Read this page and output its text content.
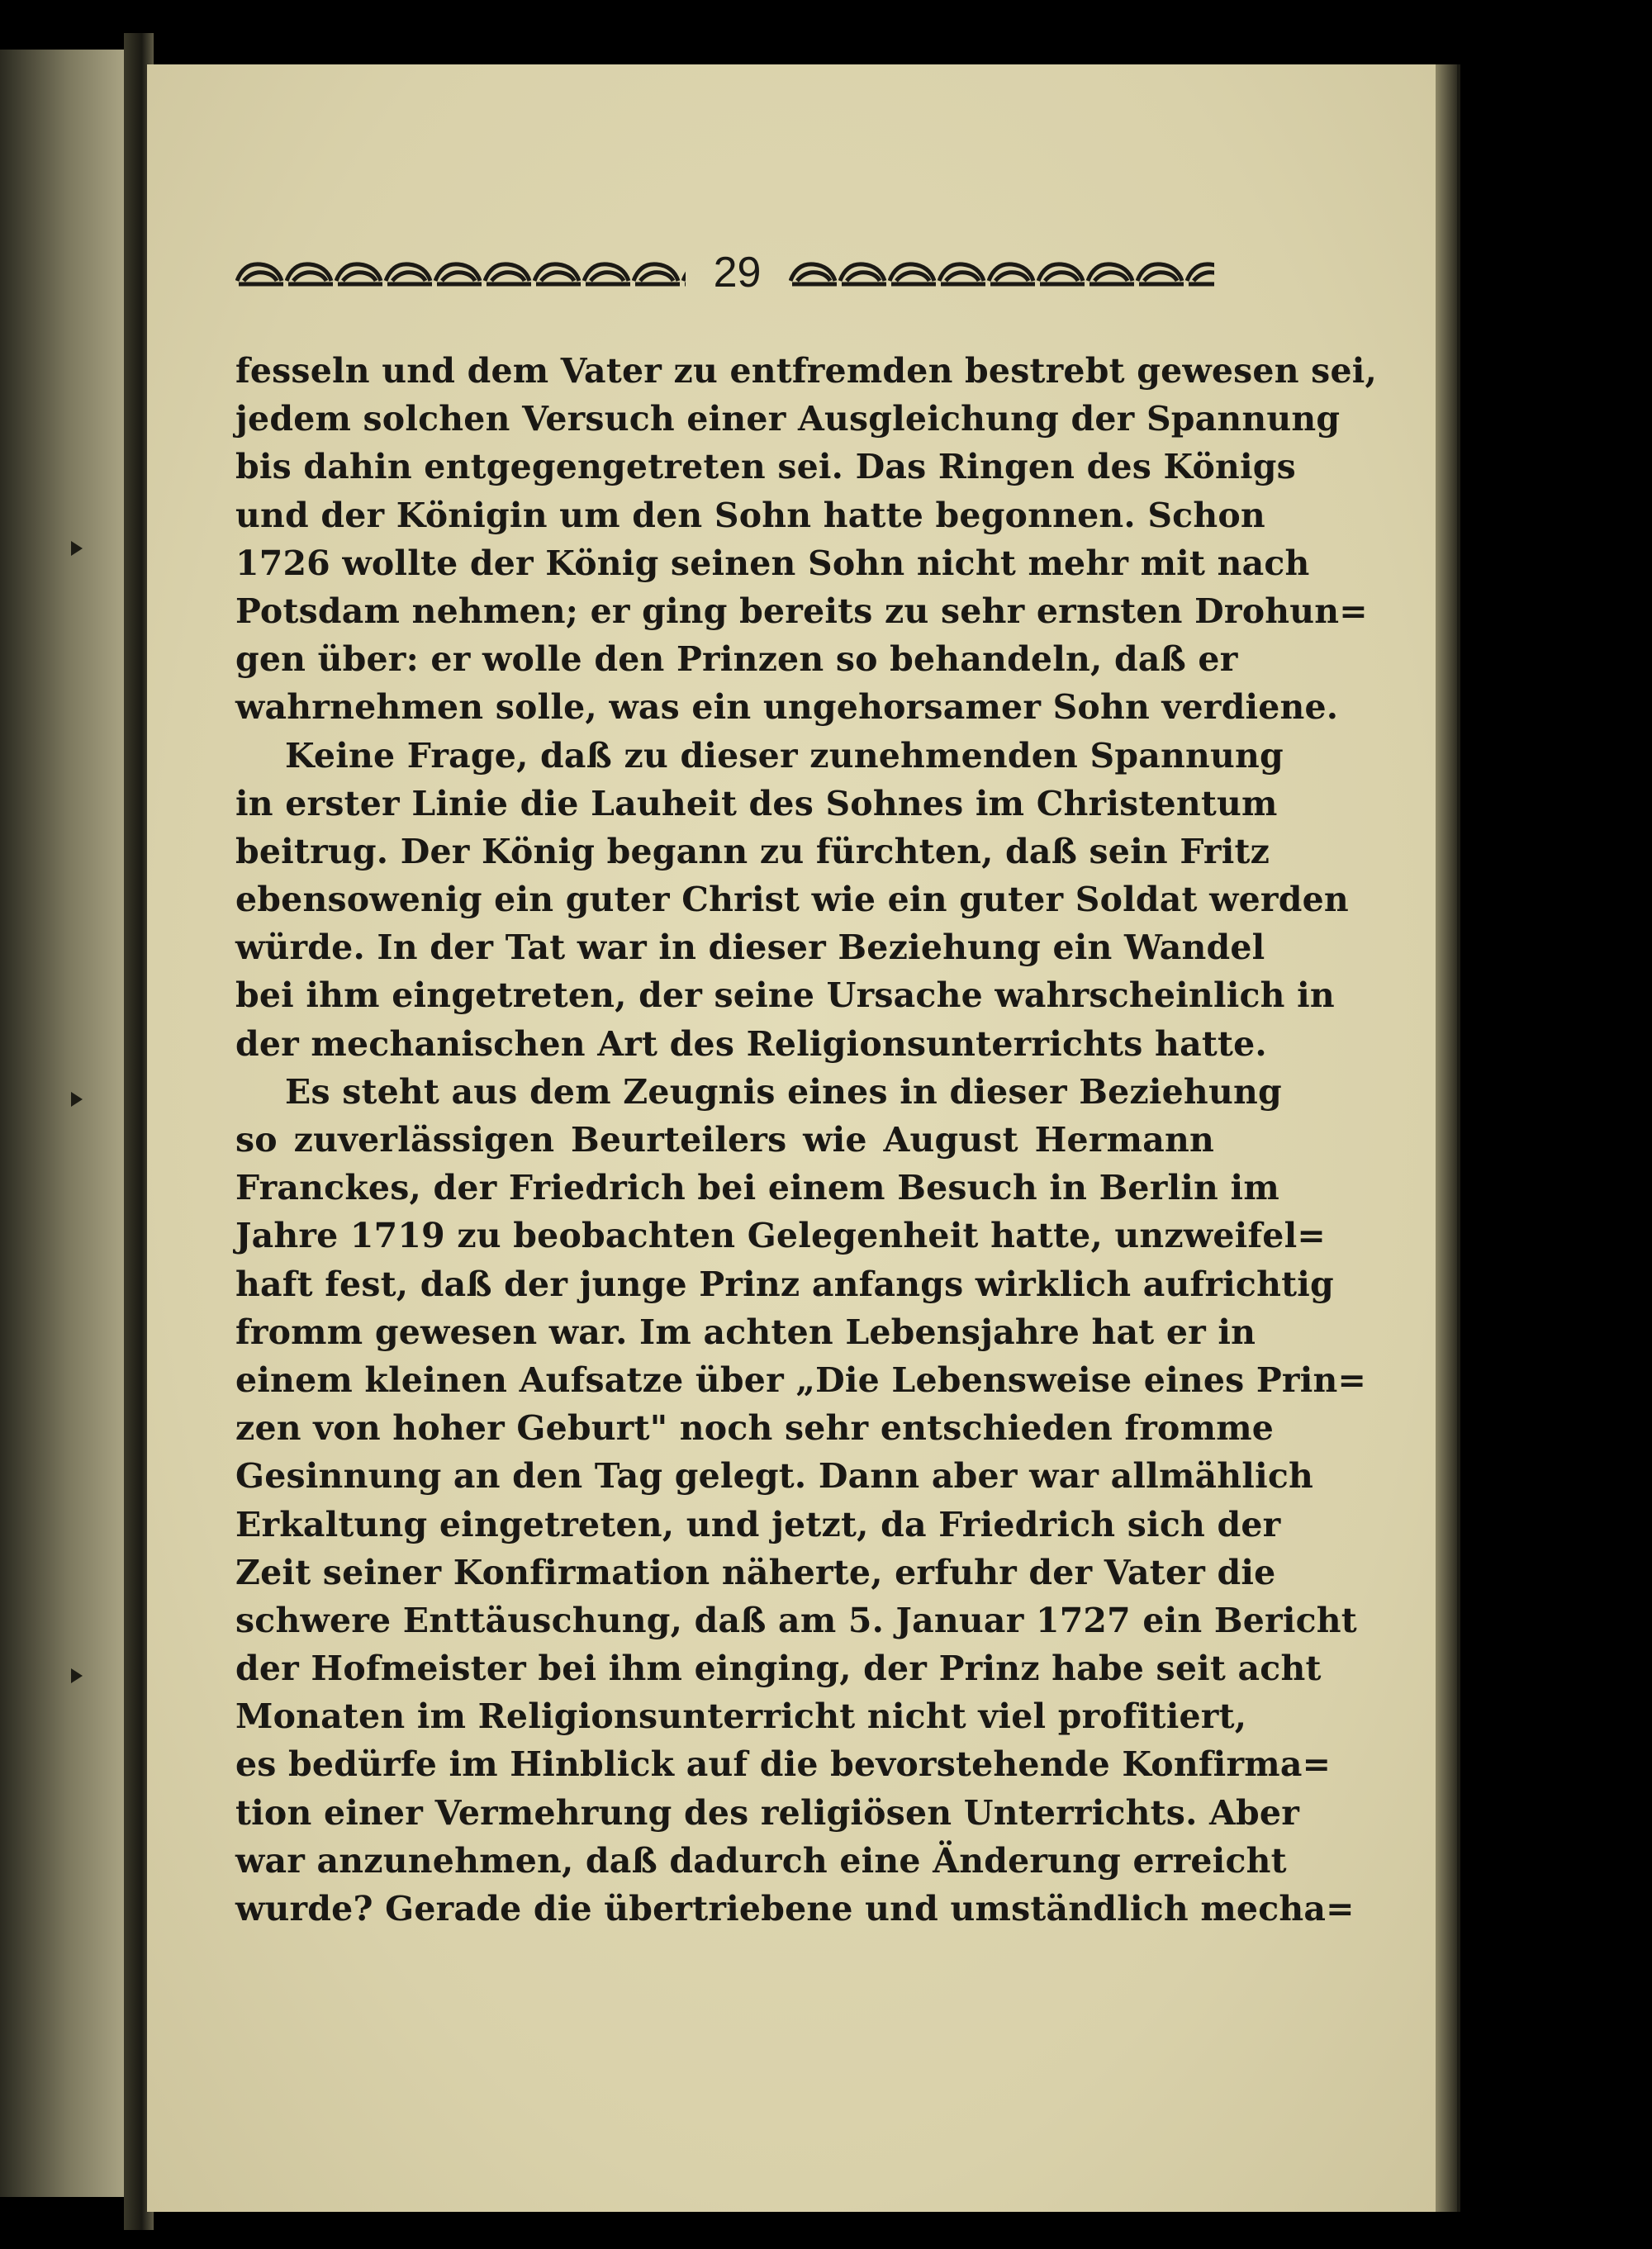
29
fesseln und dem Vater zu entfremden bestrebt gewesen sei,
jedem solchen Versuch einer Ausgleichung der Spannung
bis dahin entgegengetreten sei. Das Ringen des Königs
und der Königin um den Sohn hatte begonnen. Schon
1726 wollte der König seinen Sohn nicht mehr mit nach
Potsdam nehmen; er ging bereits zu sehr ernsten Drohun=
gen über: er wolle den Prinzen so behandeln, daß er
wahrnehmen solle, was ein ungehorsamer Sohn verdiene.
Keine Frage, daß zu dieser zunehmenden Spannung
in erster Linie die Lauheit des Sohnes im Christentum
beitrug. Der König begann zu fürchten, daß sein Fritz
ebensowenig ein guter Christ wie ein guter Soldat werden
würde. In der Tat war in dieser Beziehung ein Wandel
bei ihm eingetreten, der seine Ursache wahrscheinlich in
der mechanischen Art des Religionsunterrichts hatte.
Es steht aus dem Zeugnis eines in dieser Beziehung
so zuverlässigen Beurteilers wie August Hermann
Franckes, der Friedrich bei einem Besuch in Berlin im
Jahre 1719 zu beobachten Gelegenheit hatte, unzweifel=
haft fest, daß der junge Prinz anfangs wirklich aufrichtig
fromm gewesen war. Im achten Lebensjahre hat er in
einem kleinen Aufsatze über „Die Lebensweise eines Prin=
zen von hoher Geburt" noch sehr entschieden fromme
Gesinnung an den Tag gelegt. Dann aber war allmählich
Erkaltung eingetreten, und jetzt, da Friedrich sich der
Zeit seiner Konfirmation näherte, erfuhr der Vater die
schwere Enttäuschung, daß am 5. Januar 1727 ein Bericht
der Hofmeister bei ihm einging, der Prinz habe seit acht
Monaten im Religionsunterricht nicht viel profitiert,
es bedürfe im Hinblick auf die bevorstehende Konfirma=
tion einer Vermehrung des religiösen Unterrichts. Aber
war anzunehmen, daß dadurch eine Änderung erreicht
wurde? Gerade die übertriebene und umständlich mecha=
